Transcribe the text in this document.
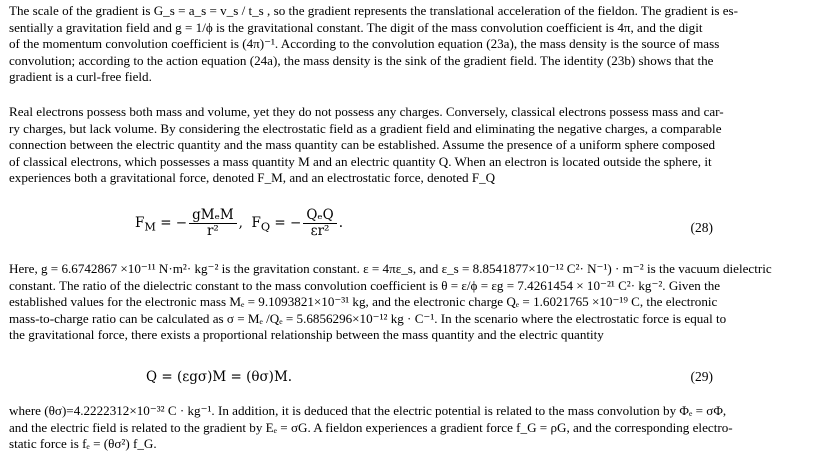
The scale of the gradient is G_s = a_s = v_s / t_s , so the gradient represents the translational acceleration of the fieldon. The gradient is es-
sentially a gravitation field and g = 1/ϕ is the gravitational constant. The digit of the mass convolution coefficient is 4π, and the digit
of the momentum convolution coefficient is (4π)⁻¹. According to the convolution equation (23a), the mass density is the source of mass
convolution; according to the action equation (24a), the mass density is the sink of the gradient field. The identity (23b) shows that the
gradient is a curl-free field.
Real electrons possess both mass and volume, yet they do not possess any charges. Conversely, classical electrons possess mass and car-
ry charges, but lack volume. By considering the electrostatic field as a gradient field and eliminating the negative charges, a comparable
connection between the electric quantity and the mass quantity can be established. Assume the presence of a uniform sphere composed
of classical electrons, which possesses a mass quantity M and an electric quantity Q. When an electron is located outside the sphere, it
experiences both a gravitational force, denoted F_M, and an electrostatic force, denoted F_Q
$F_M$ = − $\frac{\text{gMₑM}}{\text{r²}}$ ,  $F_Q$ = − $\frac{\text{QₑQ}}{\text{εr²}}$ .	(28)
Here, g = 6.6742867 ×10⁻¹¹ N·m²· kg⁻² is the gravitation constant. ε = 4πε_s, and ε_s = 8.8541877×10⁻¹² C²· N⁻¹) · m⁻² is the vacuum dielectric
constant. The ratio of the dielectric constant to the mass convolution coefficient is θ = ε/ϕ = εg = 7.4261454 × 10⁻²¹ C²· kg⁻². Given the
established values for the electronic mass Mₑ = 9.1093821×10⁻³¹ kg, and the electronic charge Qₑ = 1.6021765 ×10⁻¹⁹ C, the electronic
mass-to-charge ratio can be calculated as σ = Mₑ /Qₑ = 5.6856296×10⁻¹² kg · C⁻¹. In the scenario where the electrostatic force is equal to
the gravitational force, there exists a proportional relationship between the mass quantity and the electric quantity
Q = (εgσ)M = (θσ)M.	(29)
where (θσ)=4.2222312×10⁻³² C · kg⁻¹. In addition, it is deduced that the electric potential is related to the mass convolution by Φₑ = σΦ,
and the electric field is related to the gradient by Eₑ = σG. A fieldon experiences a gradient force f_G = ρG, and the corresponding electro-
static force is fₑ = (θσ²) f_G.
